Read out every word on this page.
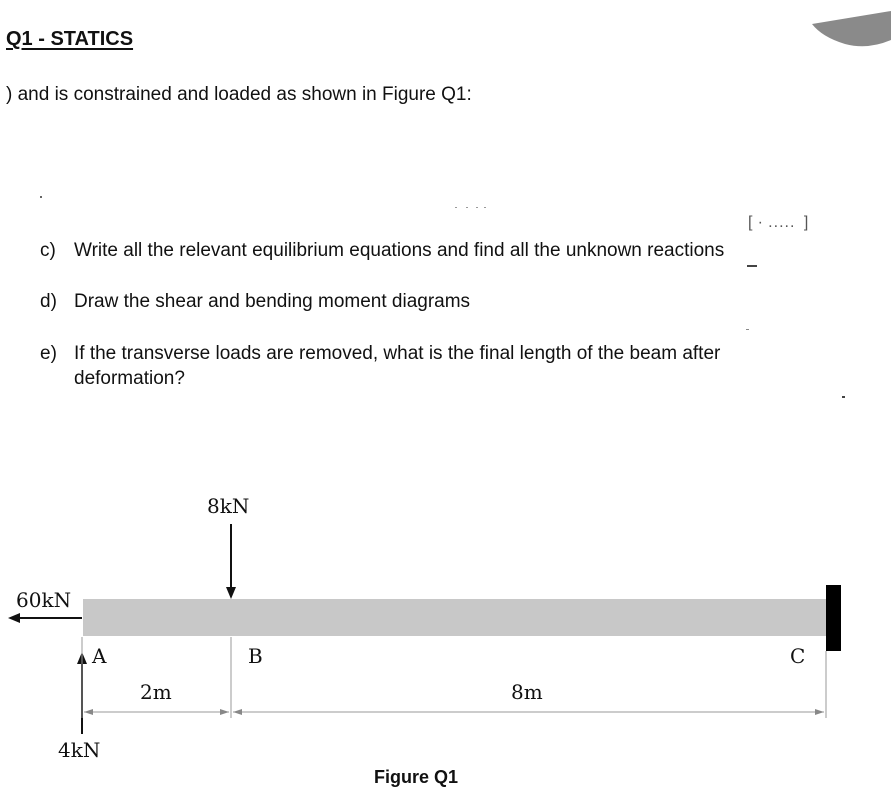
Q1 - STATICS
) and is constrained and loaded as shown in Figure Q1:
[ · .....  ]
c) Write all the relevant equilibrium equations and find all the unknown reactions
d) Draw the shear and bending moment diagrams
e) If the transverse loads are removed, what is the final length of the beam after
deformation?
8kN
60kN
4kN
A	B	C
2m	8m
Figure Q1
